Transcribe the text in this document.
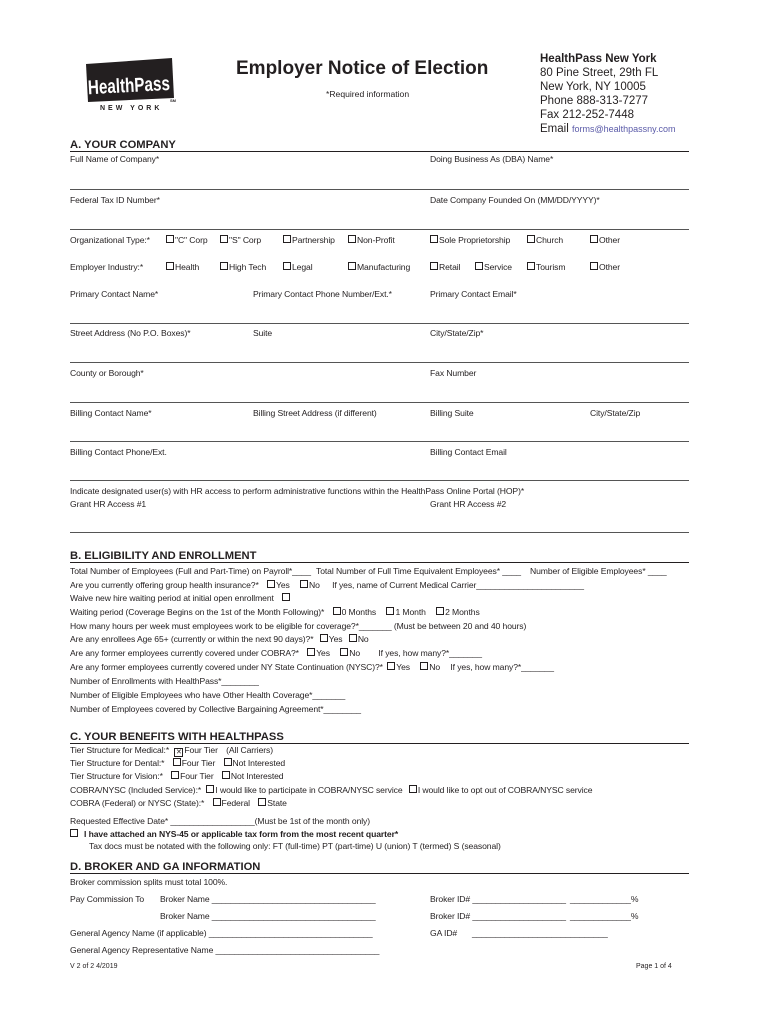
HealthPass
NEW YORK
SM
Employer Notice of Election
*Required information
HealthPass New York
80 Pine Street, 29th FL
New York, NY 10005
Phone 888-313-7277
Fax 212-252-7448
Email forms@healthpassny.com
A. YOUR COMPANY
Full Name of Company*	Doing Business As (DBA) Name*
Federal Tax ID Number*	Date Company Founded On (MM/DD/YYYY)*
Organizational Type:*	"C" Corp	"S" Corp	Partnership	Non-Profit	Sole Proprietorship	Church	Other
Employer Industry:*	Health	High Tech	Legal	Manufacturing	Retail	Service	Tourism	Other
Primary Contact Name*	Primary Contact Phone Number/Ext.*	Primary Contact Email*
Street Address (No P.O. Boxes)*	Suite	City/State/Zip*
County or Borough*	Fax Number
Billing Contact Name*	Billing Street Address (if different)	Billing Suite	City/State/Zip
Billing Contact Phone/Ext.	Billing Contact Email
Indicate designated user(s) with HR access to perform administrative functions within the HealthPass Online Portal (HOP)*
Grant HR Access #1	Grant HR Access #2
B. ELIGIBILITY AND ENROLLMENT
Total Number of Employees (Full and Part-Time) on Payroll*____ Total Number of Full Time Equivalent Employees* ____ Number of Eligible Employees* ____
Are you currently offering group health insurance?* Yes No If yes, name of Current Medical Carrier_______________________
Waive new hire waiting period at initial open enrollment
Waiting period (Coverage Begins on the 1st of the Month Following)* 0 Months 1 Month 2 Months
How many hours per week must employees work to be eligible for coverage?*_______ (Must be between 20 and 40 hours)
Are any enrollees Age 65+ (currently or within the next 90 days)?* Yes No
Are any former employees currently covered under COBRA?* Yes No If yes, how many?*_______
Are any former employees currently covered under NY State Continuation (NYSC)?* Yes No If yes, how many?*_______
Number of Enrollments with HealthPass*________
Number of Eligible Employees who have Other Health Coverage*_______
Number of Employees covered by Collective Bargaining Agreement*________
C. YOUR BENEFITS WITH HEALTHPASS
Tier Structure for Medical:* ✕ Four Tier (All Carriers)
Tier Structure for Dental:* Four Tier Not Interested
Tier Structure for Vision:* Four Tier Not Interested
COBRA/NYSC (Included Service):* I would like to participate in COBRA/NYSC service I would like to opt out of COBRA/NYSC service
COBRA (Federal) or NYSC (State):* Federal State
Requested Effective Date* __________________(Must be 1st of the month only)
I have attached an NYS-45 or applicable tax form from the most recent quarter*
Tax docs must be notated with the following only: FT (full-time) PT (part-time) U (union) T (termed) S (seasonal)
D. BROKER AND GA INFORMATION
Broker commission splits must total 100%.
Pay Commission To Broker Name ___________________________________	Broker ID# ____________________ _____________%
Broker Name ___________________________________	Broker ID# ____________________ _____________%
General Agency Name (if applicable) ___________________________________	GA ID# _____________________________
General Agency Representative Name ___________________________________
V 2 of 2 4/2019	Page 1 of 4
